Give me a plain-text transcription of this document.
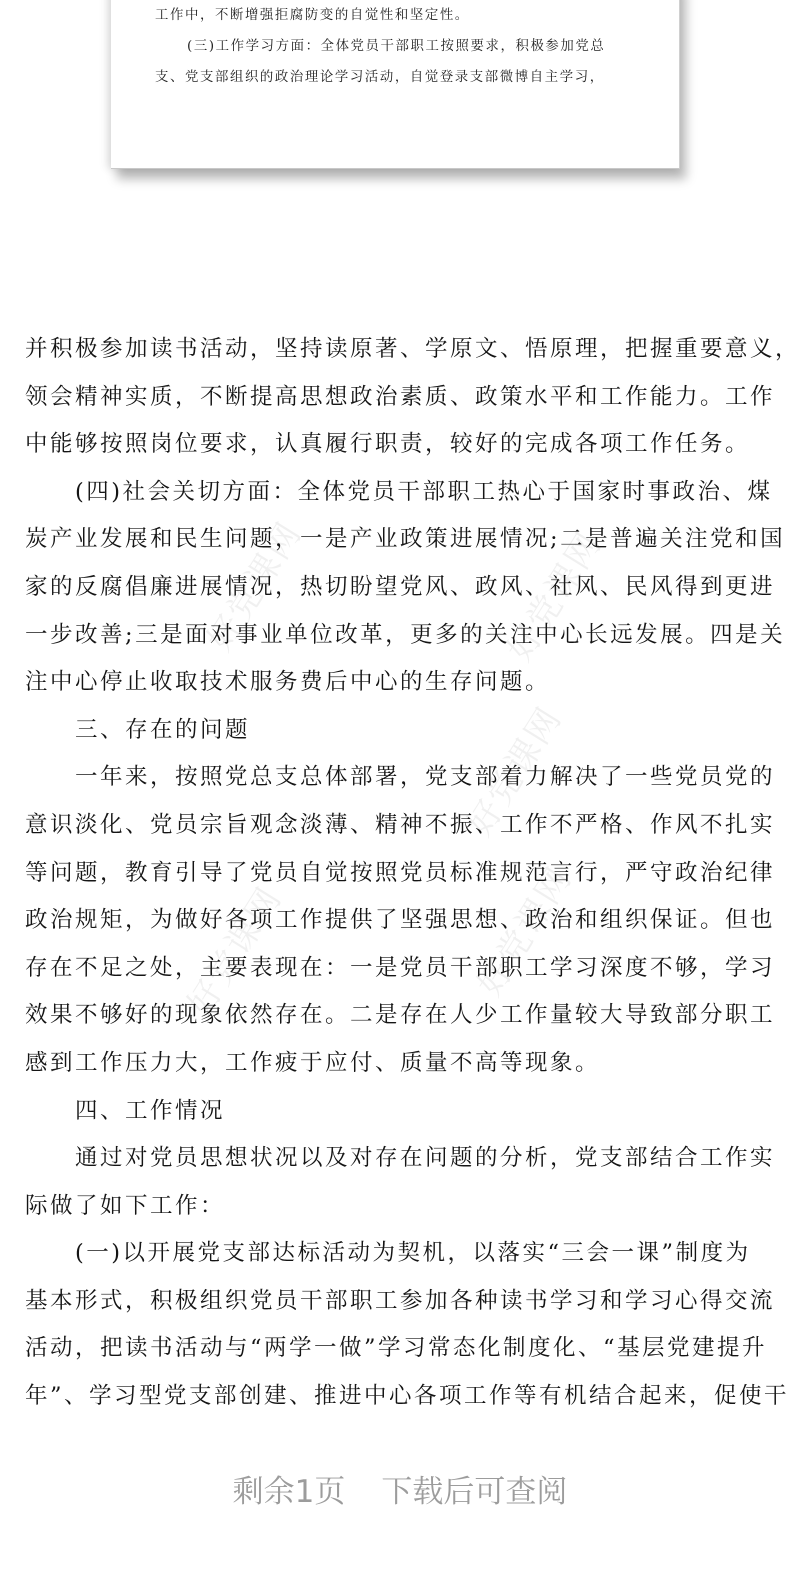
工作中，不断增强拒腐防变的自觉性和坚定性。

(三)工作学习方面：全体党员干部职工按照要求，积极参加党总

支、党支部组织的政治理论学习活动，自觉登录支部微博自主学习，

好党课网	好党课网
好党课网
好党课网	好党课网

并积极参加读书活动，坚持读原著、学原文、悟原理，把握重要意义，

领会精神实质，不断提高思想政治素质、政策水平和工作能力。工作

中能够按照岗位要求，认真履行职责，较好的完成各项工作任务。

(四)社会关切方面：全体党员干部职工热心于国家时事政治、煤

炭产业发展和民生问题，一是产业政策进展情况;二是普遍关注党和国

家的反腐倡廉进展情况，热切盼望党风、政风、社风、民风得到更进

一步改善;三是面对事业单位改革，更多的关注中心长远发展。四是关

注中心停止收取技术服务费后中心的生存问题。

三、存在的问题

一年来，按照党总支总体部署，党支部着力解决了一些党员党的

意识淡化、党员宗旨观念淡薄、精神不振、工作不严格、作风不扎实

等问题，教育引导了党员自觉按照党员标准规范言行，严守政治纪律

政治规矩，为做好各项工作提供了坚强思想、政治和组织保证。但也

存在不足之处，主要表现在：一是党员干部职工学习深度不够，学习

效果不够好的现象依然存在。二是存在人少工作量较大导致部分职工

感到工作压力大，工作疲于应付、质量不高等现象。

四、工作情况

通过对党员思想状况以及对存在问题的分析，党支部结合工作实

际做了如下工作：

(一)以开展党支部达标活动为契机，以落实“三会一课”制度为

基本形式，积极组织党员干部职工参加各种读书学习和学习心得交流

活动，把读书活动与“两学一做”学习常态化制度化、“基层党建提升

年”、学习型党支部创建、推进中心各项工作等有机结合起来，促使干

剩余1页 下载后可查阅
